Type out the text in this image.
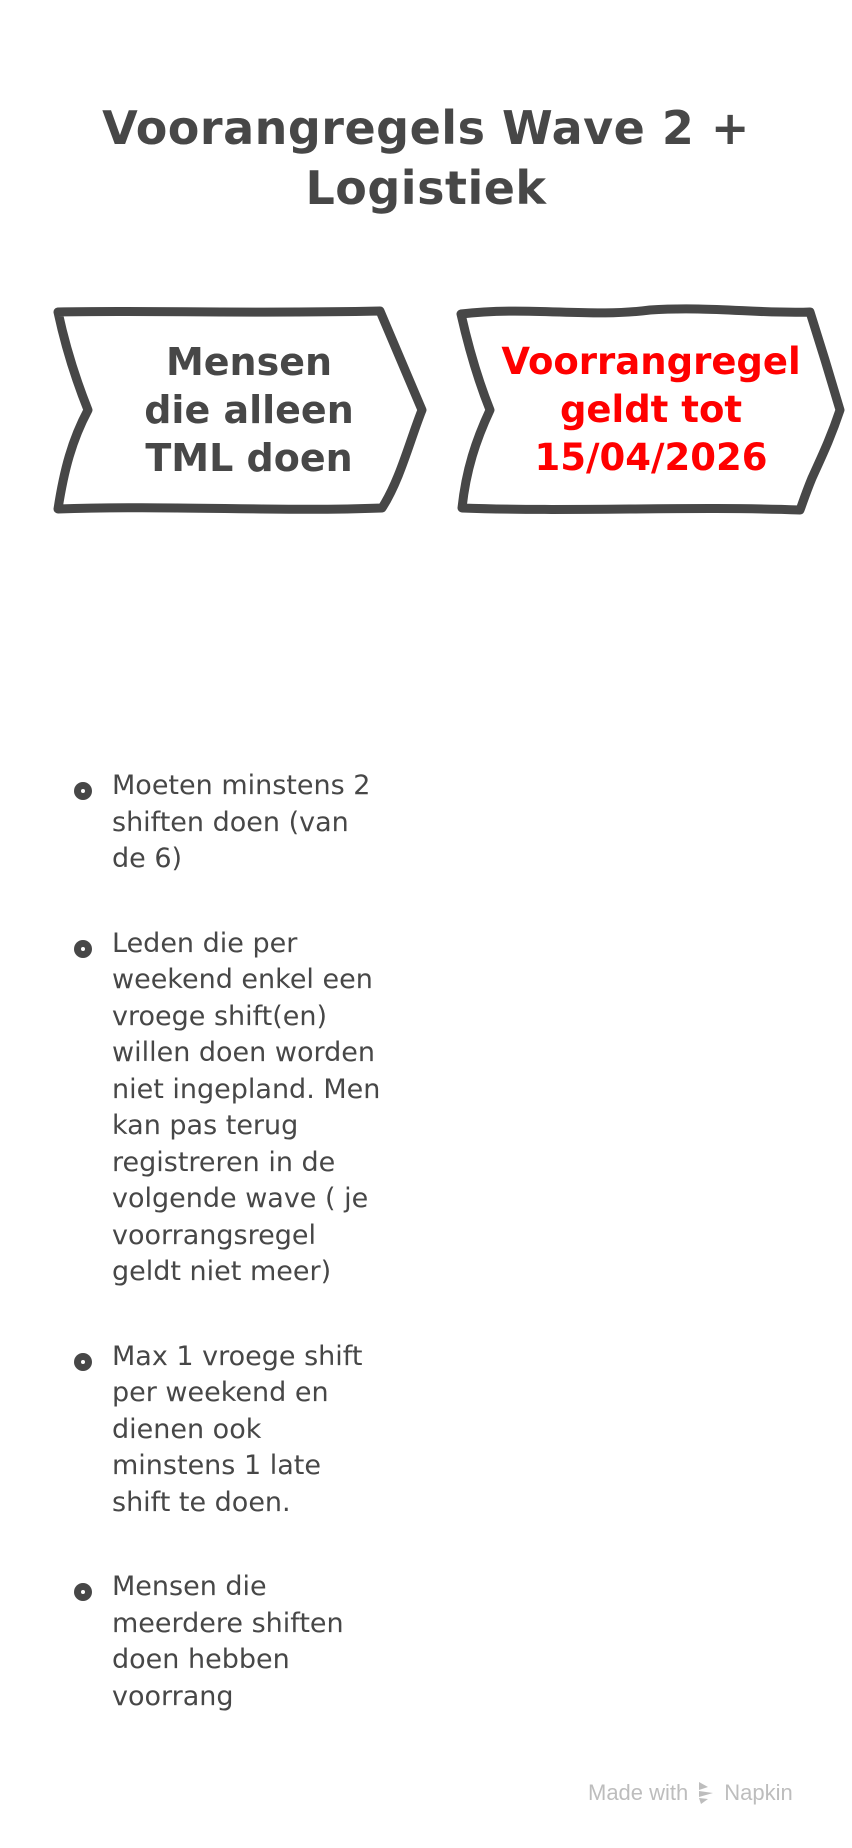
Voorangregels Wave 2 +
Logistiek
Mensen
die alleen
TML doen
Voorrangregel
geldt tot
15/04/2026
Moeten minstens 2
shiften doen (van
de 6)
Leden die per
weekend enkel een
vroege shift(en)
willen doen worden
niet ingepland. Men
kan pas terug
registreren in de
volgende wave ( je
voorrangsregel
geldt niet meer)
Max 1 vroege shift
per weekend en
dienen ook
minstens 1 late
shift te doen.
Mensen die
meerdere shiften
doen hebben
voorrang
Made with Napkin
